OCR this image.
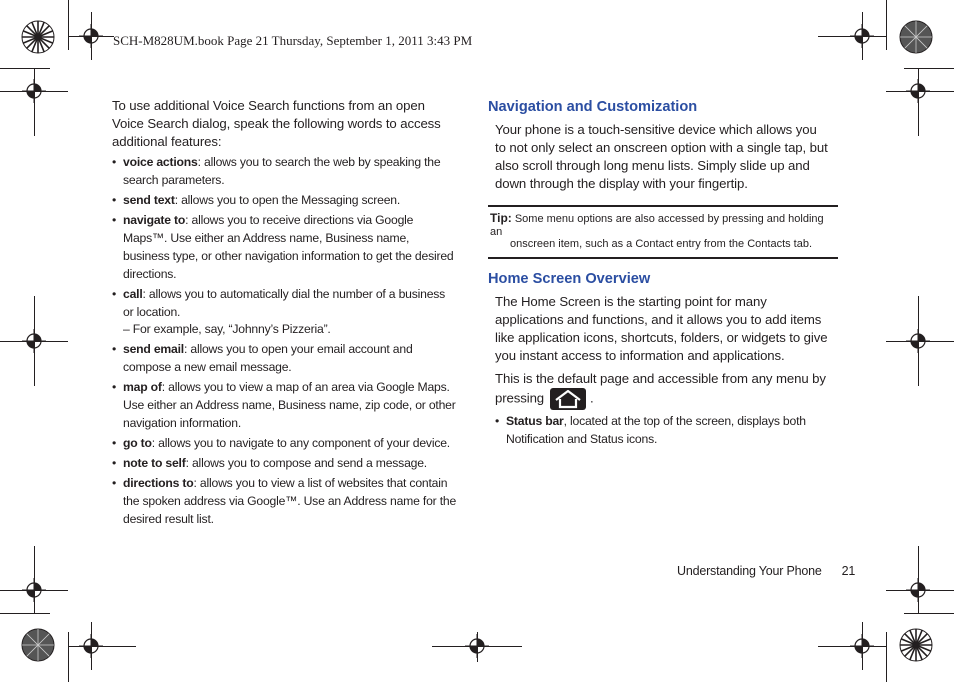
SCH-M828UM.book Page 21 Thursday, September 1, 2011 3:43 PM

To use additional Voice Search functions from an open Voice Search dialog, speak the following words to access additional features:

• voice actions: allows you to search the web by speaking the search parameters.
• send text: allows you to open the Messaging screen.
• navigate to: allows you to receive directions via Google Maps™. Use either an Address name, Business name, business type, or other navigation information to get the desired directions.
• call: allows you to automatically dial the number of a business or location.
– For example, say, “Johnny’s Pizzeria”.
• send email: allows you to open your email account and compose a new email message.
• map of: allows you to view a map of an area via Google Maps. Use either an Address name, Business name, zip code, or other navigation information.
• go to: allows you to navigate to any component of your device.
• note to self: allows you to compose and send a message.
• directions to: allows you to view a list of websites that contain the spoken address via Google™. Use an Address name for the desired result list.
Navigation and Customization

Your phone is a touch-sensitive device which allows you to not only select an onscreen option with a single tap, but also scroll through long menu lists. Simply slide up and down through the display with your fingertip.

Tip: Some menu options are also accessed by pressing and holding an
onscreen item, such as a Contact entry from the Contacts tab.
Home Screen Overview

The Home Screen is the starting point for many applications and functions, and it allows you to add items like application icons, shortcuts, folders, or widgets to give you instant access to information and applications.

This is the default page and accessible from any menu by pressing	.

• Status bar, located at the top of the screen, displays both Notification and Status icons.
Understanding Your Phone 21
